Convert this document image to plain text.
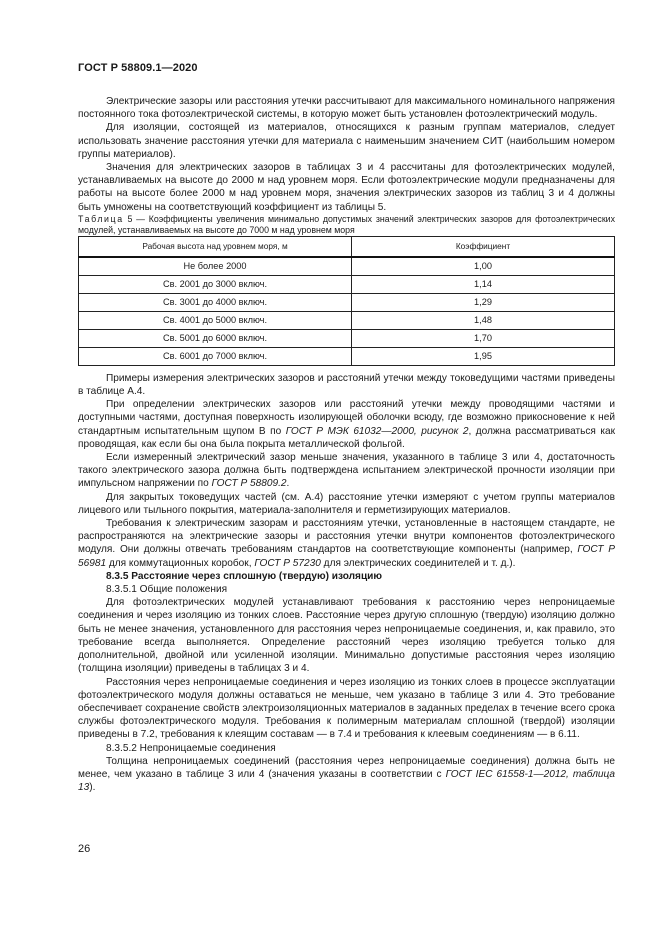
ГОСТ Р 58809.1—2020

Электрические зазоры или расстояния утечки рассчитывают для максимального номинального напряжения постоянного тока фотоэлектрической системы, в которую может быть установлен фотоэлектрический модуль.

Для изоляции, состоящей из материалов, относящихся к разным группам материалов, следует использовать значение расстояния утечки для материала с наименьшим значением СИТ (наибольшим номером группы материалов).

Значения для электрических зазоров в таблицах 3 и 4 рассчитаны для фотоэлектрических модулей, устанавливаемых на высоте до 2000 м над уровнем моря. Если фотоэлектрические модули предназначены для работы на высоте более 2000 м над уровнем моря, значения электрических зазоров из таблиц 3 и 4 должны быть умножены на соответствующий коэффициент из таблицы 5.

Таблица 5 — Коэффициенты увеличения минимально допустимых значений электрических зазоров для фотоэлектрических модулей, устанавливаемых на высоте до 7000 м над уровнем моря

Рабочая высота над уровнем моря, м	Коэффициент
Не более 2000	1,00
Св. 2001 до 3000 включ.	1,14
Св. 3001 до 4000 включ.	1,29
Св. 4001 до 5000 включ.	1,48
Св. 5001 до 6000 включ.	1,70
Св. 6001 до 7000 включ.	1,95

Примеры измерения электрических зазоров и расстояний утечки между токоведущими частями приведены в таблице А.4.

При определении электрических зазоров или расстояний утечки между проводящими частями и доступными частями, доступная поверхность изолирующей оболочки всюду, где возможно прикосновение к ней стандартным испытательным щупом В по ГОСТ Р МЭК 61032—2000, рисунок 2, должна рассматриваться как проводящая, как если бы она была покрыта металлической фольгой.

Если измеренный электрический зазор меньше значения, указанного в таблице 3 или 4, достаточность такого электрического зазора должна быть подтверждена испытанием электрической прочности изоляции при импульсном напряжении по ГОСТ Р 58809.2.

Для закрытых токоведущих частей (см. А.4) расстояние утечки измеряют с учетом группы материалов лицевого или тыльного покрытия, материала-заполнителя и герметизирующих материалов.

Требования к электрическим зазорам и расстояниям утечки, установленные в настоящем стандарте, не распространяются на электрические зазоры и расстояния утечки внутри компонентов фотоэлектрического модуля. Они должны отвечать требованиям стандартов на соответствующие компоненты (например, ГОСТ Р 56981 для коммутационных коробок, ГОСТ Р 57230 для электрических соединителей и т. д.).

8.3.5 Расстояние через сплошную (твердую) изоляцию

8.3.5.1 Общие положения

Для фотоэлектрических модулей устанавливают требования к расстоянию через непроницаемые соединения и через изоляцию из тонких слоев. Расстояние через другую сплошную (твердую) изоляцию должно быть не менее значения, установленного для расстояния через непроницаемые соединения, и, как правило, это требование всегда выполняется. Определение расстояний через изоляцию требуется только для дополнительной, двойной или усиленной изоляции. Минимально допустимые расстояния через изоляцию (толщина изоляции) приведены в таблицах 3 и 4.

Расстояния через непроницаемые соединения и через изоляцию из тонких слоев в процессе эксплуатации фотоэлектрического модуля должны оставаться не меньше, чем указано в таблице 3 или 4. Это требование обеспечивает сохранение свойств электроизоляционных материалов в заданных пределах в течение всего срока службы фотоэлектрического модуля. Требования к полимерным материалам сплошной (твердой) изоляции приведены в 7.2, требования к клеящим составам — в 7.4 и требования к клеевым соединениям — в 6.11.

8.3.5.2 Непроницаемые соединения

Толщина непроницаемых соединений (расстояния через непроницаемые соединения) должна быть не менее, чем указано в таблице 3 или 4 (значения указаны в соответствии с ГОСТ IEC 61558-1—2012, таблица 13).

26
